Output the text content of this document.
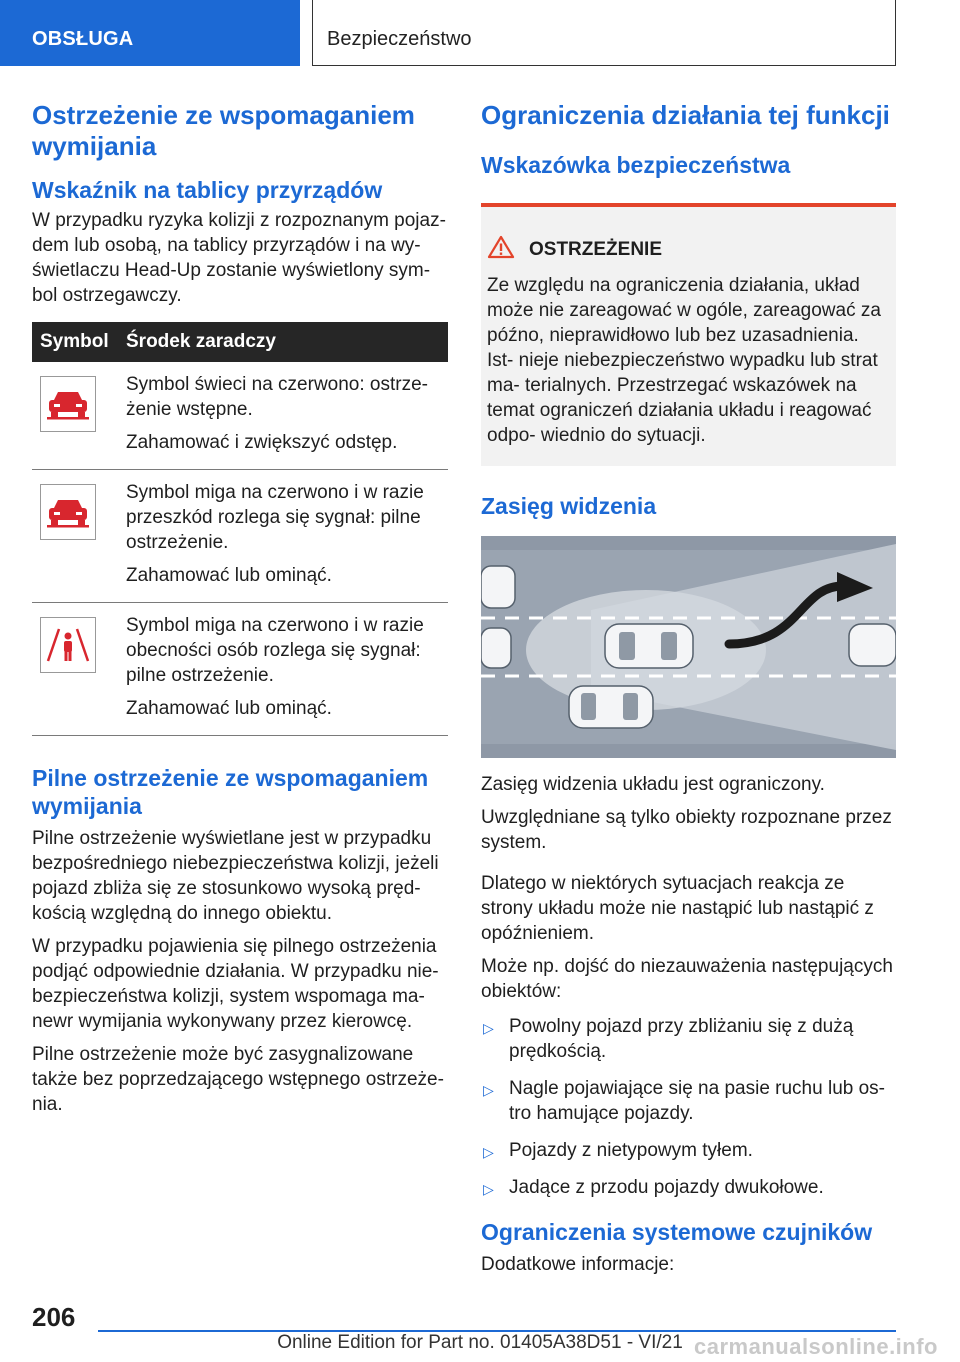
OBSŁUGA	Bezpieczeństwo
Ostrzeżenie ze wspomaganiem wymijania
Wskaźnik na tablicy przyrządów

W przypadku ryzyka kolizji z rozpoznanym pojaz- dem lub osobą, na tablicy przyrządów i na wy- świetlaczu Head-Up zostanie wyświetlony sym- bol ostrzegawczy.

Symbol	Środek zaradczy

Symbol świeci na czerwono: ostrze- żenie wstępne.

Zahamować i zwiększyć odstęp.

Symbol miga na czerwono i w razie przeszkód rozlega się sygnał: pilne ostrzeżenie.

Zahamować lub ominąć.

Symbol miga na czerwono i w razie obecności osób rozlega się sygnał: pilne ostrzeżenie.

Zahamować lub ominąć.

Pilne ostrzeżenie ze wspomaganiem wymijania

Pilne ostrzeżenie wyświetlane jest w przypadku bezpośredniego niebezpieczeństwa kolizji, jeżeli pojazd zbliża się ze stosunkowo wysoką pręd- kością względną do innego obiektu.

W przypadku pojawienia się pilnego ostrzeżenia podjąć odpowiednie działania. W przypadku nie- bezpieczeństwa kolizji, system wspomaga ma- newr wymijania wykonywany przez kierowcę.

Pilne ostrzeżenie może być zasygnalizowane także bez poprzedzającego wstępnego ostrzeże- nia.

Ograniczenia działania tej funkcji
Wskazówka bezpieczeństwa
OSTRZEŻENIE

Ze względu na ograniczenia działania, układ może nie zareagować w ogóle, zareagować za późno, nieprawidłowo lub bez uzasadnienia. Ist- nieje niebezpieczeństwo wypadku lub strat ma- terialnych. Przestrzegać wskazówek na temat ograniczeń działania układu i reagować odpo- wiednio do sytuacji.

Zasięg widzenia

Zasięg widzenia układu jest ograniczony.

Uwzględniane są tylko obiekty rozpoznane przez system.

Dlatego w niektórych sytuacjach reakcja ze strony układu może nie nastąpić lub nastąpić z opóźnieniem.

Może np. dojść do niezauważenia następujących obiektów:

▷ Powolny pojazd przy zbliżaniu się z dużą prędkością.
▷ Nagle pojawiające się na pasie ruchu lub os- tro hamujące pojazdy.
▷ Pojazdy z nietypowym tyłem.
▷ Jadące z przodu pojazdy dwukołowe.
Ograniczenia systemowe czujników

Dodatkowe informacje:

206
Online Edition for Part no. 01405A38D51 - VI/21 carmanualsonline.info
